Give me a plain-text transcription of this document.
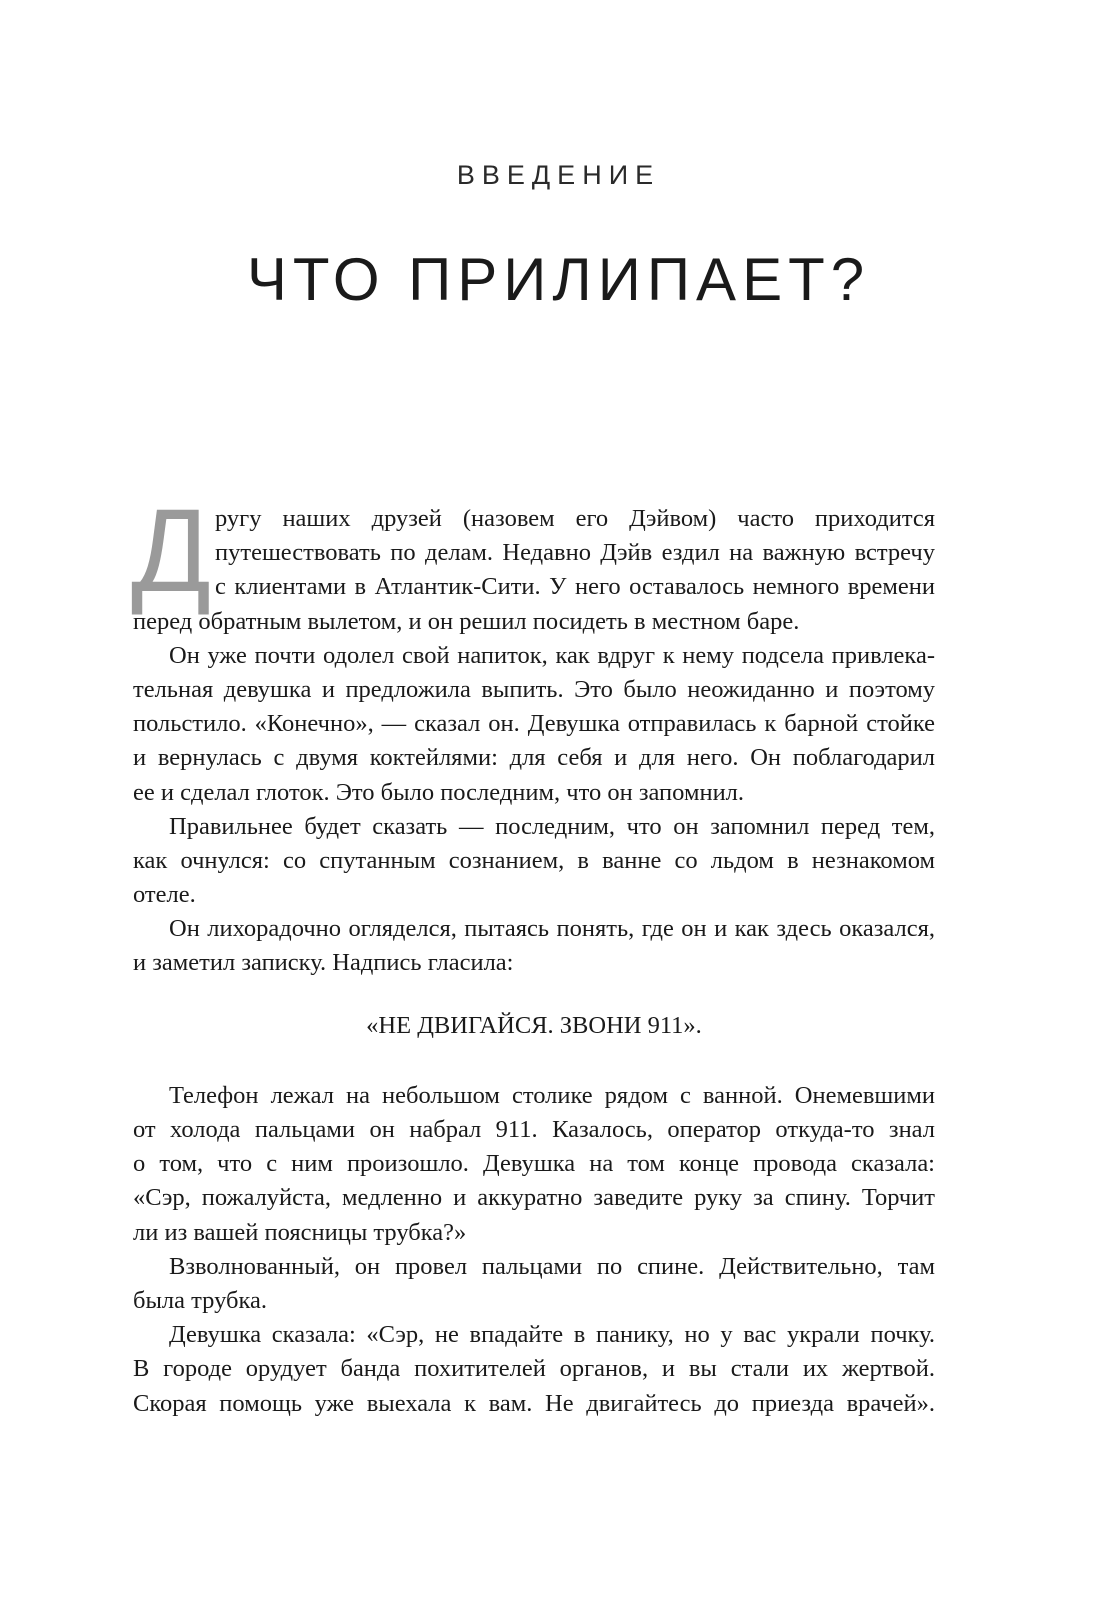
ВВЕДЕНИЕ
ЧТО ПРИЛИПАЕТ?
Д ругу наших друзей (назовем его Дэйвом) часто приходится
путешествовать по делам. Недавно Дэйв ездил на важную встречу
с клиентами в Атлантик-Сити. У него оставалось немного времени
перед обратным вылетом, и он решил посидеть в местном баре.
Он уже почти одолел свой напиток, как вдруг к нему подсела привлека-
тельная девушка и предложила выпить. Это было неожиданно и поэтому
польстило. «Конечно», — сказал он. Девушка отправилась к барной стойке
и вернулась с двумя коктейлями: для себя и для него. Он поблагодарил
ее и сделал глоток. Это было последним, что он запомнил.
Правильнее будет сказать — последним, что он запомнил перед тем,
как очнулся: со спутанным сознанием, в ванне со льдом в незнакомом
отеле.
Он лихорадочно огляделся, пытаясь понять, где он и как здесь оказался,
и заметил записку. Надпись гласила:
«НЕ ДВИГАЙСЯ. ЗВОНИ 911».
Телефон лежал на небольшом столике рядом с ванной. Онемевшими
от холода пальцами он набрал 911. Казалось, оператор откуда-то знал
о том, что с ним произошло. Девушка на том конце провода сказала:
«Сэр, пожалуйста, медленно и аккуратно заведите руку за спину. Торчит
ли из вашей поясницы трубка?»
Взволнованный, он провел пальцами по спине. Действительно, там
была трубка.
Девушка сказала: «Сэр, не впадайте в панику, но у вас украли почку.
В городе орудует банда похитителей органов, и вы стали их жертвой.
Скорая помощь уже выехала к вам. Не двигайтесь до приезда врачей».
